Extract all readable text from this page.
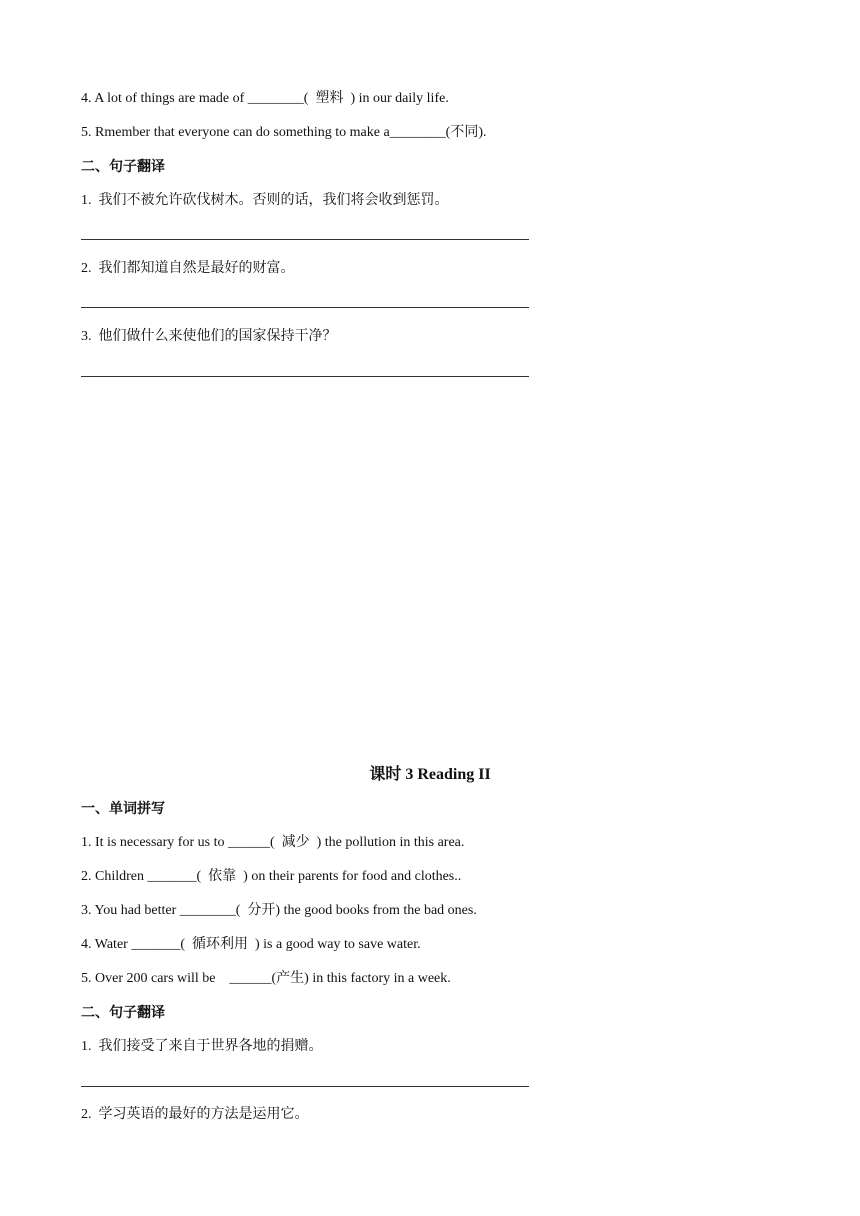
4. A lot of things are made of ________(  塑料  ) in our daily life.
5. Rmember that everyone can do something to make a________(不同).
二、句子翻译
1.  我们不被允许砍伐树木。否则的话，我们将会收到惩罚。
2.  我们都知道自然是最好的财富。
3.  他们做什么来使他们的国家保持干净？
课时 3 Reading II
一、单词拼写
1. It is necessary for us to ______(  减少  ) the pollution in this area.
2. Children _______(  依靠  ) on their parents for food and clothes..
3. You had better ________(  分开) the good books from the bad ones.
4. Water _______(  循环利用  ) is a good way to save water.
5. Over 200 cars will be    ______(产生) in this factory in a week.
二、句子翻译
1.  我们接受了来自于世界各地的捐赠。
2.  学习英语的最好的方法是运用它。
